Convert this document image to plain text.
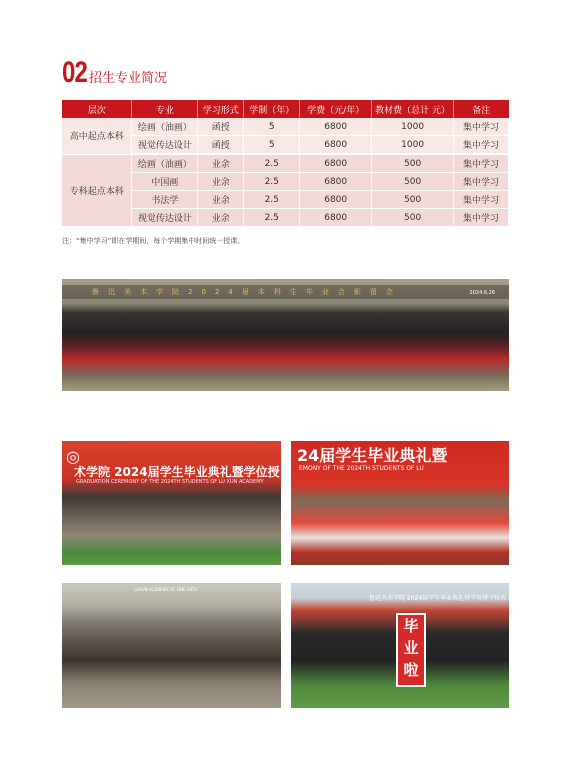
02 招生专业简况
层次	专业	学习形式	学制（年）	学费（元/年）	教材费（总计 元）	备注
高中起点本科	绘画（油画）	函授	5	6800	1000	集中学习
	视觉传达设计	函授	5	6800	1000	集中学习
专科起点本科	绘画（油画）	业余	2.5	6800	500	集中学习
	中国画	业余	2.5	6800	500	集中学习
	书法学	业余	2.5	6800	500	集中学习
	视觉传达设计	业余	2.5	6800	500	集中学习
注：“集中学习”即在学期间，每个学期集中时间统一授课。
鲁迅美术学院2024届本科生毕业合影留念	2024.6.26
◎
术学院 2024届学生毕业典礼暨学位授
GRADUATION CEREMONY OF THE 2024TH STUDENTS OF LU XUN ACADEMY
24届学生毕业典礼暨
EMONY OF THE 2024TH STUDENTS OF LU
LUXUN ACADEMY OF FINE ARTS
鲁迅美术学院 2024届学生毕业典礼暨学位授予仪式
毕
业
啦
